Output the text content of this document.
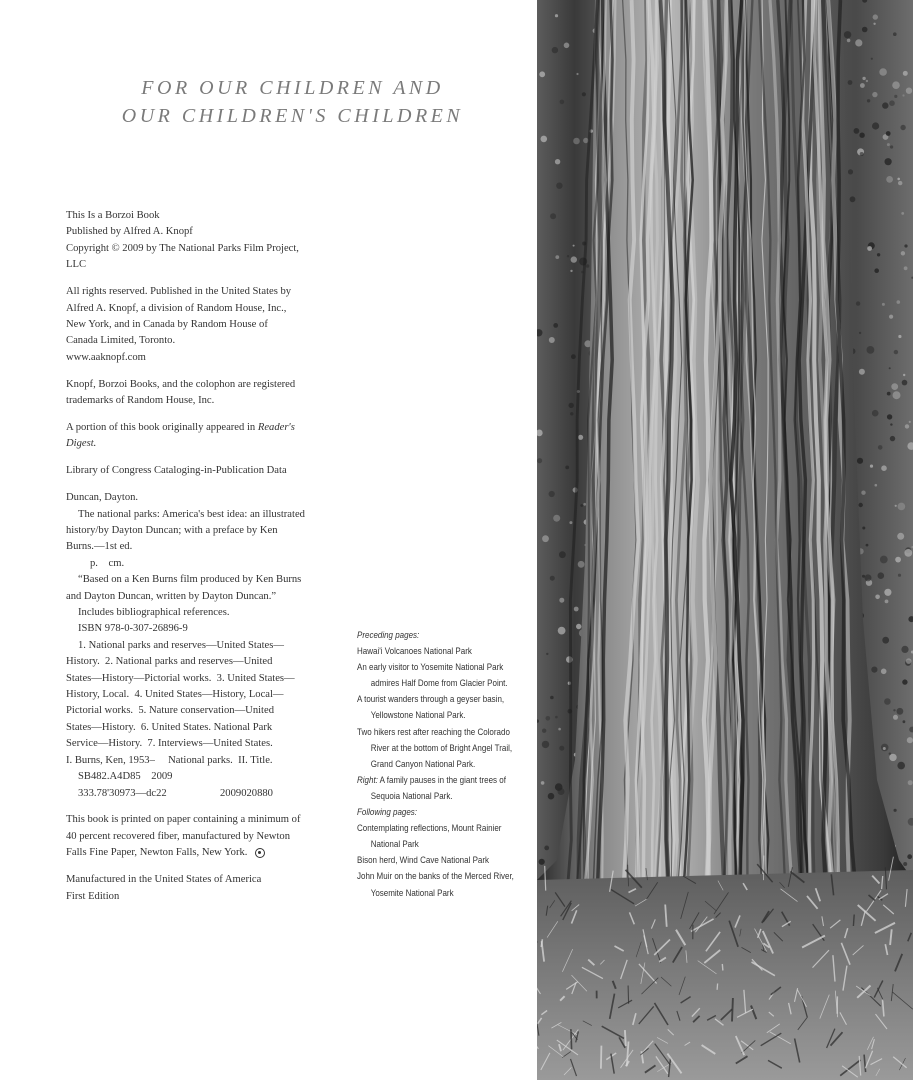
FOR OUR CHILDREN AND
OUR CHILDREN'S CHILDREN

This Is a Borzoi Book
Published by Alfred A. Knopf
Copyright © 2009 by The National Parks Film Project,
LLC

All rights reserved. Published in the United States by
Alfred A. Knopf, a division of Random House, Inc.,
New York, and in Canada by Random House of
Canada Limited, Toronto.
www.aaknopf.com

Knopf, Borzoi Books, and the colophon are registered
trademarks of Random House, Inc.

A portion of this book originally appeared in Reader's
Digest.

Library of Congress Cataloging-in-Publication Data

Duncan, Dayton.
The national parks: America's best idea: an illustrated
history/by Dayton Duncan; with a preface by Ken
Burns.—1st ed.
p.    cm.
“Based on a Ken Burns film produced by Ken Burns
and Dayton Duncan, written by Dayton Duncan.”
Includes bibliographical references.
ISBN 978-0-307-26896-9
1. National parks and reserves—United States—
History.  2. National parks and reserves—United
States—History—Pictorial works.  3. United States—
History, Local.  4. United States—History, Local—
Pictorial works.  5. Nature conservation—United
States—History.  6. United States. National Park
Service—History.  7. Interviews—United States.
I. Burns, Ken, 1953–     National parks.  II. Title.
SB482.A4D85    2009
333.78'30973—dc22	2009020880

This book is printed on paper containing a minimum of
40 percent recovered fiber, manufactured by Newton
Falls Fine Paper, Newton Falls, New York.

Manufactured in the United States of America
First Edition

Preceding pages:
Hawai'i Volcanoes National Park
An early visitor to Yosemite National Park admires Half Dome from Glacier Point.
A tourist wanders through a geyser basin, Yellowstone National Park.
Two hikers rest after reaching the Colorado River at the bottom of Bright Angel Trail, Grand Canyon National Park.
Right: A family pauses in the giant trees of Sequoia National Park.
Following pages:
Contemplating reflections, Mount Rainier National Park
Bison herd, Wind Cave National Park
John Muir on the banks of the Merced River, Yosemite National Park
